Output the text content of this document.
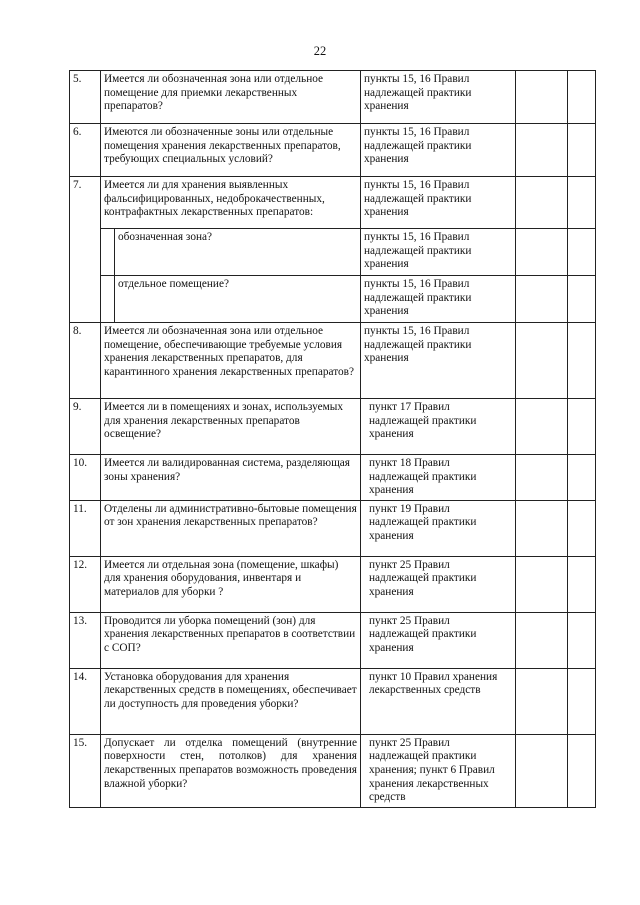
22
5.	Имеется ли обозначенная зона или отдельное помещение для приемки лекарственных препаратов?	пункты 15, 16 Правил надлежащей практики хранения		
6.	Имеются ли обозначенные зоны или отдельные помещения хранения лекарственных препаратов, требующих специальных условий?	пункты 15, 16 Правил надлежащей практики хранения		
7.	Имеется ли для хранения выявленных фальсифицированных, недоброкачественных, контрафактных лекарственных препаратов:	пункты 15, 16 Правил надлежащей практики хранения		

	обозначенная зона?	пункты 15, 16 Правил надлежащей практики хранения		

	отдельное помещение?	пункты 15, 16 Правил надлежащей практики хранения		
8.	Имеется ли обозначенная зона или отдельное помещение, обеспечивающие требуемые условия хранения лекарственных препаратов, для карантинного хранения лекарственных препаратов?	пункты 15, 16 Правил надлежащей практики хранения		
9.	Имеется ли в помещениях и зонах, используемых для хранения лекарственных препаратов освещение?	пункт 17 Правил надлежащей практики хранения		
10.	Имеется ли валидированная система, разделяющая зоны хранения?	пункт 18 Правил надлежащей практики хранения		
11.	Отделены ли административно-бытовые помещения от зон хранения лекарственных препаратов?	пункт 19 Правил надлежащей практики хранения		
12.	Имеется ли отдельная зона (помещение, шкафы) для хранения оборудования, инвентаря и материалов для уборки ?	пункт 25 Правил надлежащей практики хранения		
13.	Проводится ли уборка помещений (зон) для хранения лекарственных препаратов в соответствии с СОП?	пункт 25 Правил надлежащей практики хранения		
14.	Установка оборудования для хранения лекарственных средств в помещениях, обеспечивает ли доступность для проведения уборки?	пункт 10 Правил хранения лекарственных средств		
15.	Допускает ли отделка помещений (внутренние поверхности стен, потолков) для хранения лекарственных препаратов возможность проведения влажной уборки?	пункт 25 Правил надлежащей практики хранения; пункт 6 Правил хранения лекарственных средств		
